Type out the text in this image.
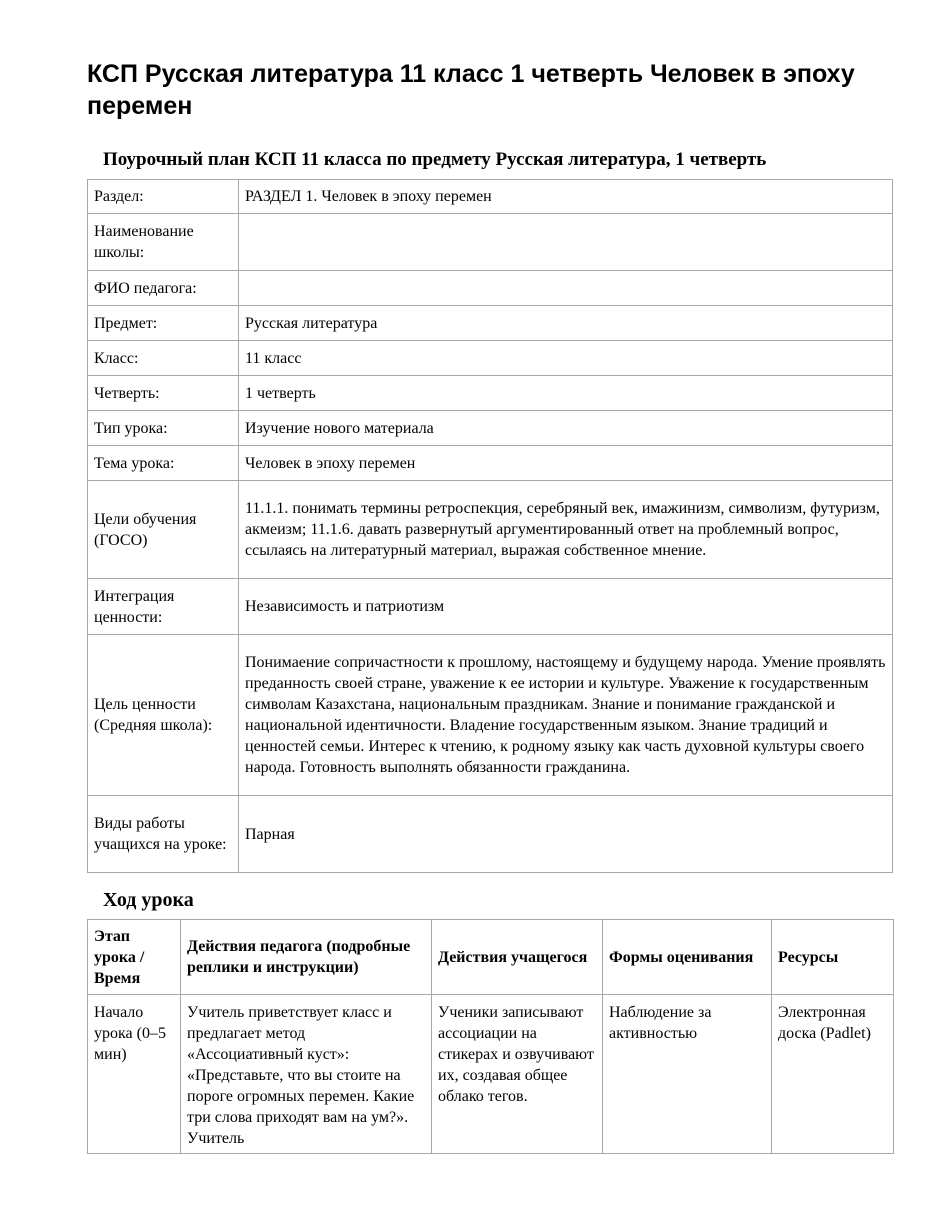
КСП Русская литература 11 класс 1 четверть Человек в эпоху перемен
Поурочный план КСП 11 класса по предмету Русская литература, 1 четверть
Раздел:	РАЗДЕЛ 1. Человек в эпоху перемен
Наименование школы:	
ФИО педагога:	
Предмет:	Русская литература
Класс:	11 класс
Четверть:	1 четверть
Тип урока:	Изучение нового материала
Тема урока:	Человек в эпоху перемен
Цели обучения (ГОСО)	11.1.1. понимать термины ретроспекция, серебряный век, имажинизм, символизм, футуризм, акмеизм; 11.1.6. давать развернутый аргументированный ответ на проблемный вопрос, ссылаясь на литературный материал, выражая собственное мнение.
Интеграция ценности:	Независимость и патриотизм
Цель ценности (Средняя школа):	Понимаение сопричастности к прошлому, настоящему и будущему народа. Умение проявлять преданность своей стране, уважение к ее истории и культуре. Уважение к государственным символам Казахстана, национальным праздникам. Знание и понимание гражданской и национальной идентичности. Владение государственным языком. Знание традиций и ценностей семьи. Интерес к чтению, к родному языку как часть духовной культуры своего народа. Готовность выполнять обязанности гражданина.
Виды работы учащихся на уроке:	Парная
Ход урока
Этап урока / Время	Действия педагога (подробные реплики и инструкции)	Действия учащегося	Формы оценивания	Ресурсы
Начало урока (0–5 мин)	Учитель приветствует класс и предлагает метод «Ассоциативный куст»: «Представьте, что вы стоите на пороге огромных перемен. Какие три слова приходят вам на ум?». Учитель	Ученики записывают ассоциации на стикерах и озвучивают их, создавая общее облако тегов.	Наблюдение за активностью	Электронная доска (Padlet)
